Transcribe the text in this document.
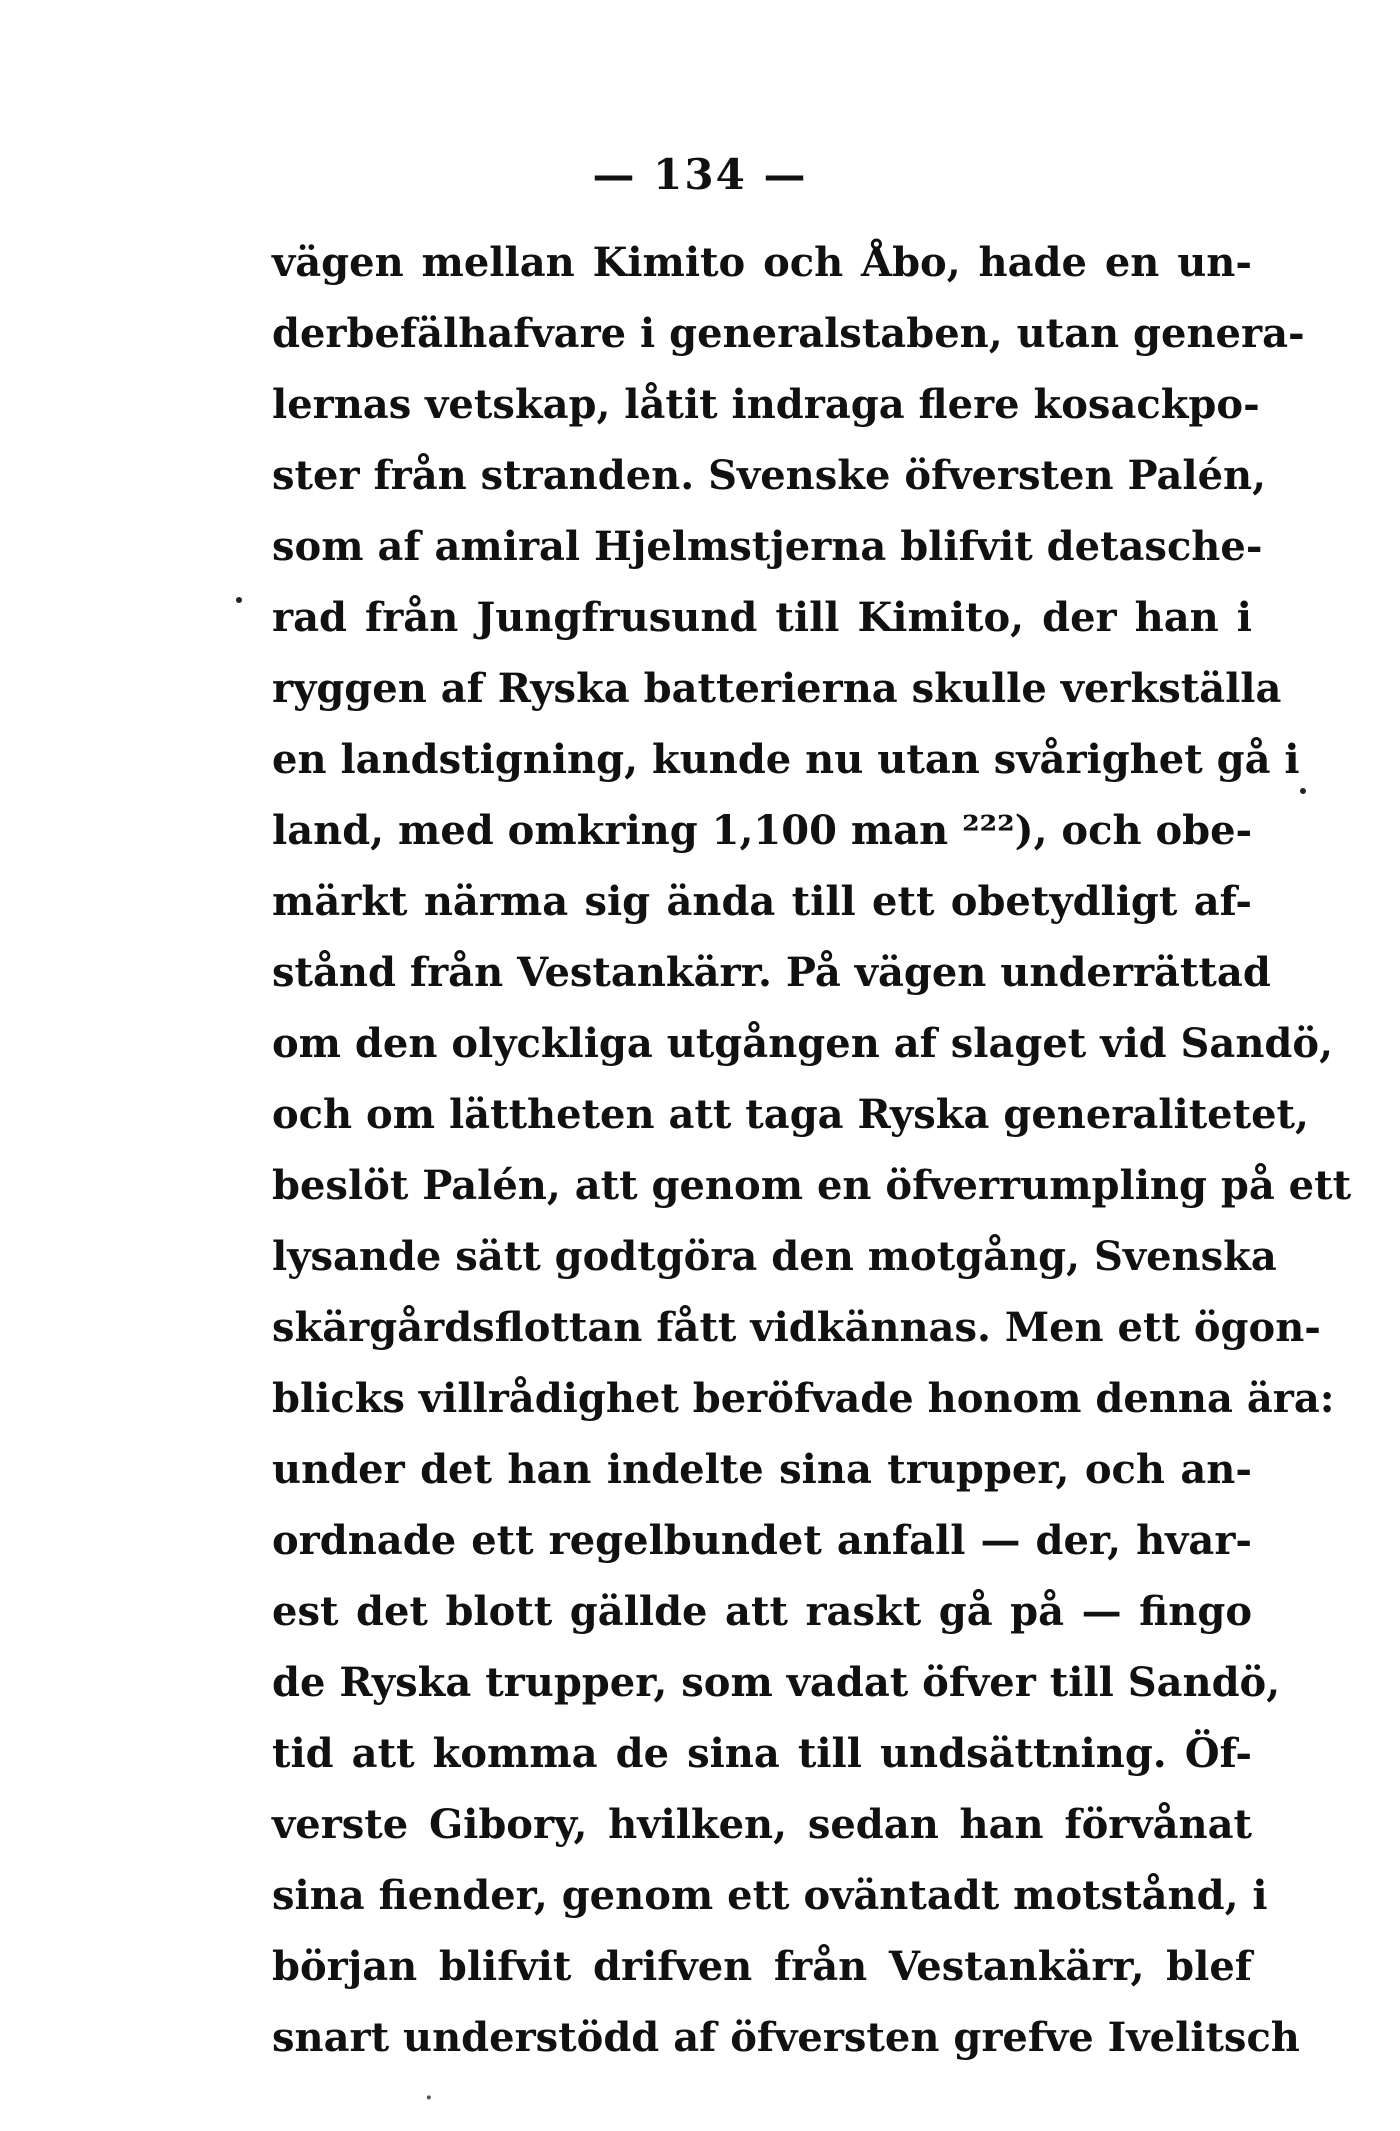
— 134 —
vägen mellan Kimito och Åbo, hade en un-
derbefälhafvare i generalstaben, utan genera-
lernas vetskap, låtit indraga flere kosackpo-
ster från stranden. Svenske öfversten Palén,
som af amiral Hjelmstjerna blifvit detasche-
rad från Jungfrusund till Kimito, der han i
ryggen af Ryska batterierna skulle verkställa
en landstigning, kunde nu utan svårighet gå i
land, med omkring 1,100 man ²²²), och obe-
märkt närma sig ända till ett obetydligt af-
stånd från Vestankärr. På vägen underrättad
om den olyckliga utgången af slaget vid Sandö,
och om lättheten att taga Ryska generalitetet,
beslöt Palén, att genom en öfverrumpling på ett
lysande sätt godtgöra den motgång, Svenska
skärgårdsflottan fått vidkännas. Men ett ögon-
blicks villrådighet beröfvade honom denna ära:
under det han indelte sina trupper, och an-
ordnade ett regelbundet anfall — der, hvar-
est det blott gällde att raskt gå på — fingo
de Ryska trupper, som vadat öfver till Sandö,
tid att komma de sina till undsättning. Öf-
verste Gibory, hvilken, sedan han förvånat
sina fiender, genom ett oväntadt motstånd, i
början blifvit drifven från Vestankärr, blef
snart understödd af öfversten grefve Ivelitsch
·
